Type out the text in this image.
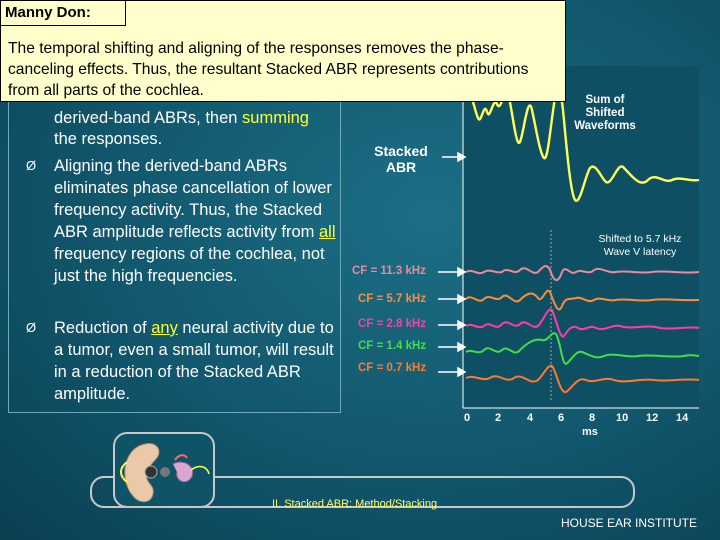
derived-band ABRs, then summing
the responses.
Ø Aligning the derived-band ABRs eliminates phase cancellation of lower frequency activity. Thus, the Stacked ABR amplitude reflects activity from all frequency regions of the cochlea, not just the high frequencies.
Ø Reduction of any neural activity due to a tumor, even a small tumor, will result in a reduction of the Stacked ABR amplitude.
Sum of Shifted Waveforms
Stacked ABR
Shifted to 5.7 kHz Wave V latency
CF = 11.3 kHz
CF = 5.7 kHz
CF = 2.8 kHz
CF = 1.4 kHz
CF = 0.7 kHz
0 2 4 6 8 10 12 14
ms
II. Stacked ABR: Method/Stacking
HOUSE EAR INSTITUTE
Manny Don:
The temporal shifting and aligning of the responses removes the phase-canceling effects. Thus, the resultant Stacked ABR represents contributions from all parts of the cochlea.
